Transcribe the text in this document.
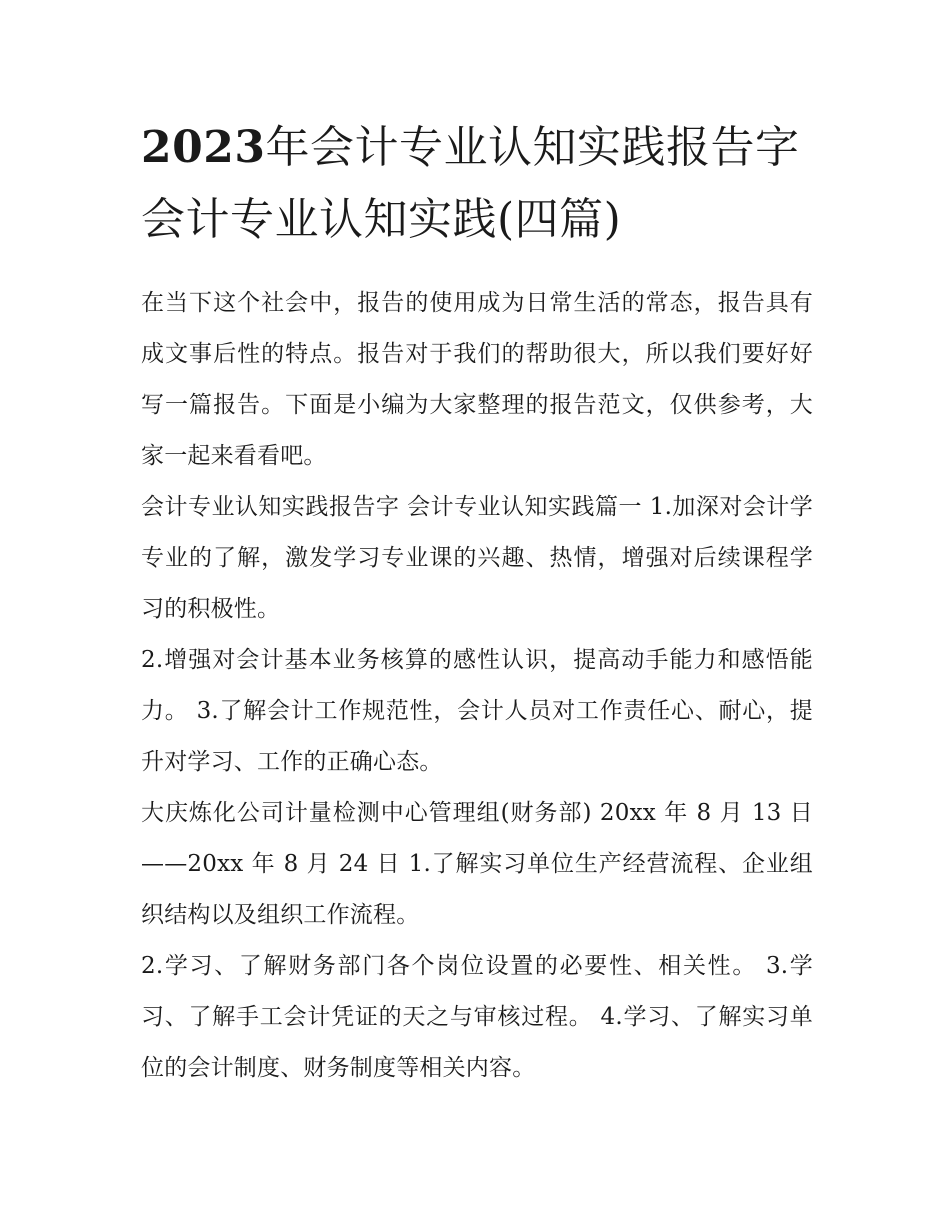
2023年会计专业认知实践报告字 会计专业认知实践(四篇)

在当下这个社会中，报告的使用成为日常生活的常态，报告具有成文事后性的特点。报告对于我们的帮助很大，所以我们要好好写一篇报告。下面是小编为大家整理的报告范文，仅供参考，大家一起来看看吧。

会计专业认知实践报告字 会计专业认知实践篇一 1.加深对会计学专业的了解，激发学习专业课的兴趣、热情，增强对后续课程学习的积极性。

2.增强对会计基本业务核算的感性认识，提高动手能力和感悟能力。 3.了解会计工作规范性，会计人员对工作责任心、耐心，提升对学习、工作的正确心态。

大庆炼化公司计量检测中心管理组(财务部) 20xx 年 8 月 13 日——20xx 年 8 月 24 日 1.了解实习单位生产经营流程、企业组织结构以及组织工作流程。

2.学习、了解财务部门各个岗位设置的必要性、相关性。 3.学习、了解手工会计凭证的天之与审核过程。 4.学习、了解实习单位的会计制度、财务制度等相关内容。
